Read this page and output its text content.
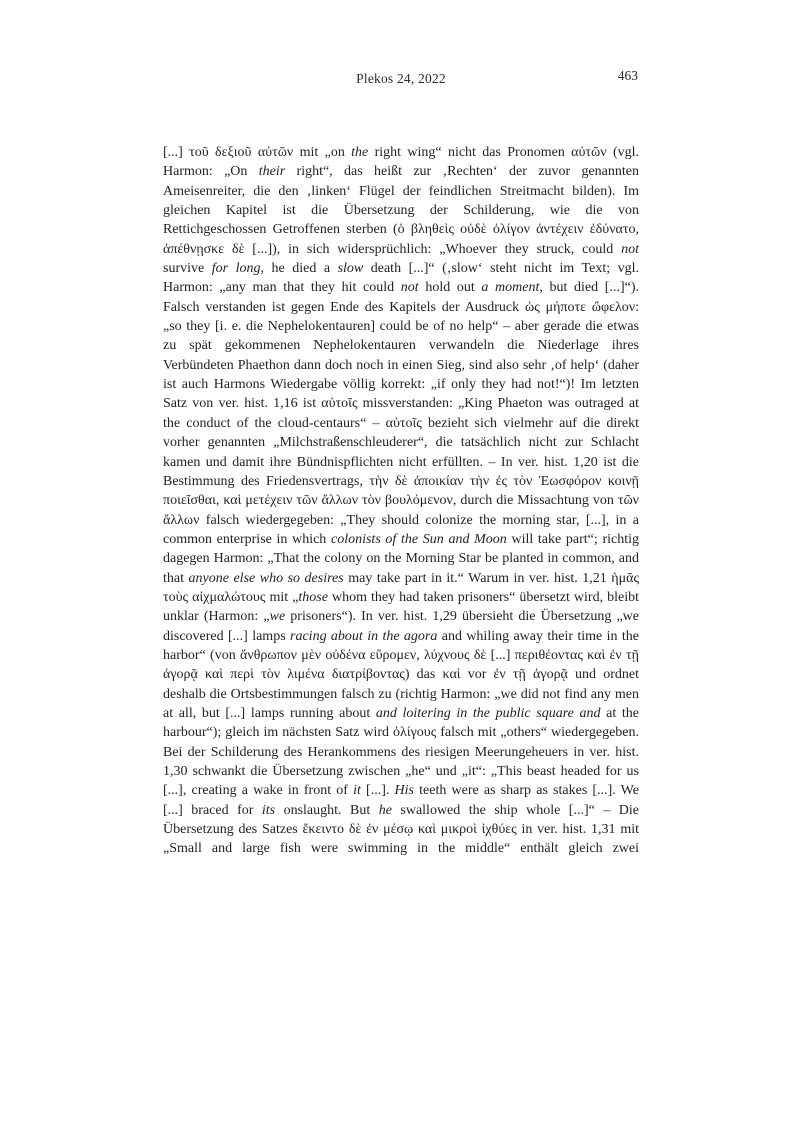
Plekos 24, 2022	463

[...] τοῦ δεξιοῦ αὐτῶν mit „on the right wing“ nicht das Pronomen αὐτῶν (vgl. Harmon: „On their right“, das heißt zur ‚Rechten‘ der zuvor genannten Ameisenreiter, die den ‚linken‘ Flügel der feindlichen Streitmacht bilden). Im gleichen Kapitel ist die Übersetzung der Schilderung, wie die von Rettichgeschossen Getroffenen sterben (ὁ βληθεὶς οὐδὲ ὀλίγον ἀντέχειν ἐδύνατο, ἀπέθνῃσκε δὲ [...]), in sich widersprüchlich: „Whoever they struck, could not survive for long, he died a slow death [...]“ (‚slow‘ steht nicht im Text; vgl. Harmon: „any man that they hit could not hold out a moment, but died [...]“). Falsch verstanden ist gegen Ende des Kapitels der Ausdruck ὡς μήποτε ὤφελον: „so they [i. e. die Nephelokentauren] could be of no help“ – aber gerade die etwas zu spät gekommenen Nephelokentauren verwandeln die Niederlage ihres Verbündeten Phaethon dann doch noch in einen Sieg, sind also sehr ‚of help‘ (daher ist auch Harmons Wiedergabe völlig korrekt: „if only they had not!“)! Im letzten Satz von ver. hist. 1,16 ist αὐτοῖς missverstanden: „King Phaeton was outraged at the conduct of the cloud-centaurs“ – αὐτοῖς bezieht sich vielmehr auf die direkt vorher genannten „Milchstraßenschleuderer“, die tatsächlich nicht zur Schlacht kamen und damit ihre Bündnispflichten nicht erfüllten. – In ver. hist. 1,20 ist die Bestimmung des Friedensvertrags, τὴν δὲ ἀποικίαν τὴν ἐς τὸν Ἑωσφόρον κοινῇ ποιεῖσθαι, καὶ μετέχειν τῶν ἄλλων τὸν βουλόμενον, durch die Missachtung von τῶν ἄλλων falsch wiedergegeben: „They should colonize the morning star, [...], in a common enterprise in which colonists of the Sun and Moon will take part“; richtig dagegen Harmon: „That the colony on the Morning Star be planted in common, and that anyone else who so desires may take part in it.“ Warum in ver. hist. 1,21 ἡμᾶς τοὺς αἰχμαλώτους mit „those whom they had taken prisoners“ übersetzt wird, bleibt unklar (Harmon: „we prisoners“). In ver. hist. 1,29 übersieht die Übersetzung „we discovered [...] lamps racing about in the agora and whiling away their time in the harbor“ (von ἄνθρωπον μὲν οὐδένα εὕρομεν, λύχνους δὲ [...] περιθέοντας καὶ ἐν τῇ ἀγορᾷ καὶ περὶ τὸν λιμένα διατρίβοντας) das καὶ vor ἐν τῇ ἀγορᾷ und ordnet deshalb die Ortsbestimmungen falsch zu (richtig Harmon: „we did not find any men at all, but [...] lamps running about and loitering in the public square and at the harbour“); gleich im nächsten Satz wird ὀλίγους falsch mit „others“ wiedergegeben. Bei der Schilderung des Herankommens des riesigen Meerungeheuers in ver. hist. 1,30 schwankt die Übersetzung zwischen „he“ und „it“: „This beast headed for us [...], creating a wake in front of it [...]. His teeth were as sharp as stakes [...]. We [...] braced for its onslaught. But he swallowed the ship whole [...]“ – Die Übersetzung des Satzes ἔκειντο δὲ ἐν μέσῳ καὶ μικροὶ ἰχθύες in ver. hist. 1,31 mit „Small and large fish were swimming in the middle“ enthält gleich zwei
